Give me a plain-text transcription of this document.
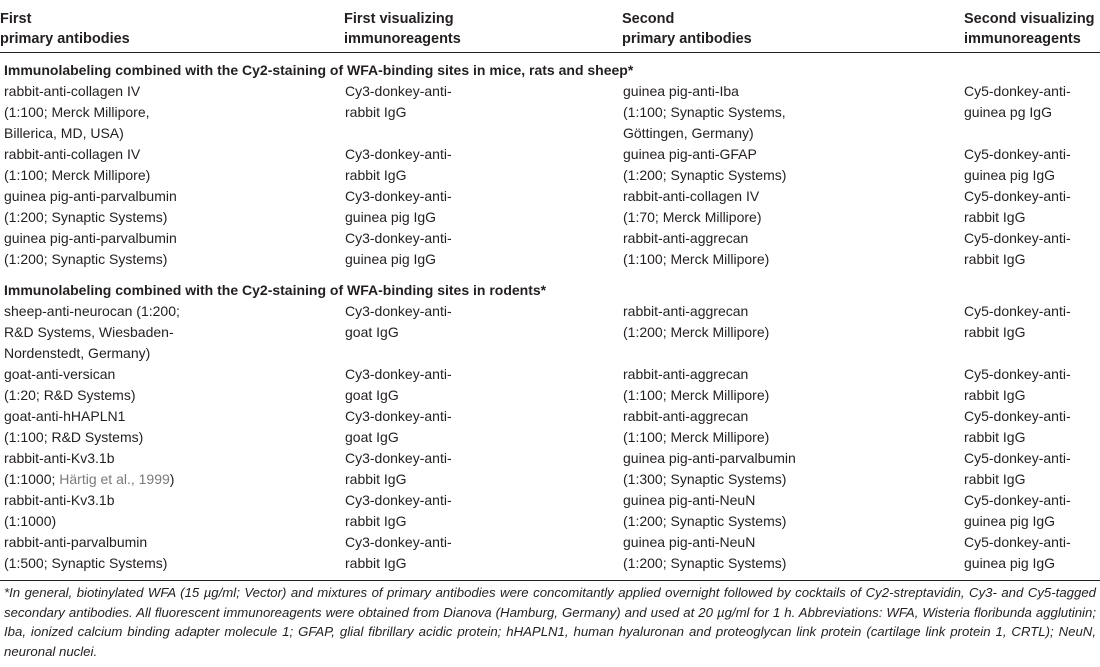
First
primary antibodies
First visualizing
immunoreagents
Second
primary antibodies
Second visualizing
immunoreagents
Immunolabeling combined with the Cy2-staining of WFA-binding sites in mice, rats and sheep*
rabbit-anti-collagen IV
(1:100; Merck Millipore,
Billerica, MD, USA)
Cy3-donkey-anti-
rabbit IgG
guinea pig-anti-Iba
(1:100; Synaptic Systems,
Göttingen, Germany)
Cy5-donkey-anti-
guinea pg IgG
rabbit-anti-collagen IV
(1:100; Merck Millipore)
Cy3-donkey-anti-
rabbit IgG
guinea pig-anti-GFAP
(1:200; Synaptic Systems)
Cy5-donkey-anti-
guinea pig IgG
guinea pig-anti-parvalbumin
(1:200; Synaptic Systems)
Cy3-donkey-anti-
guinea pig IgG
rabbit-anti-collagen IV
(1:70; Merck Millipore)
Cy5-donkey-anti-
rabbit IgG
guinea pig-anti-parvalbumin
(1:200; Synaptic Systems)
Cy3-donkey-anti-
guinea pig IgG
rabbit-anti-aggrecan
(1:100; Merck Millipore)
Cy5-donkey-anti-
rabbit IgG
Immunolabeling combined with the Cy2-staining of WFA-binding sites in rodents*
sheep-anti-neurocan (1:200;
R&D Systems, Wiesbaden-
Nordenstedt, Germany)
Cy3-donkey-anti-
goat IgG
rabbit-anti-aggrecan
(1:200; Merck Millipore)
Cy5-donkey-anti-
rabbit IgG
goat-anti-versican
(1:20; R&D Systems)
Cy3-donkey-anti-
goat IgG
rabbit-anti-aggrecan
(1:100; Merck Millipore)
Cy5-donkey-anti-
rabbit IgG
goat-anti-hHAPLN1
(1:100; R&D Systems)
Cy3-donkey-anti-
goat IgG
rabbit-anti-aggrecan
(1:100; Merck Millipore)
Cy5-donkey-anti-
rabbit IgG
rabbit-anti-Kv3.1b
(1:1000; Härtig et al., 1999)
Cy3-donkey-anti-
rabbit IgG
guinea pig-anti-parvalbumin
(1:300; Synaptic Systems)
Cy5-donkey-anti-
rabbit IgG
rabbit-anti-Kv3.1b
(1:1000)
Cy3-donkey-anti-
rabbit IgG
guinea pig-anti-NeuN
(1:200; Synaptic Systems)
Cy5-donkey-anti-
guinea pig IgG
rabbit-anti-parvalbumin
(1:500; Synaptic Systems)
Cy3-donkey-anti-
rabbit IgG
guinea pig-anti-NeuN
(1:200; Synaptic Systems)
Cy5-donkey-anti-
guinea pig IgG
*In general, biotinylated WFA (15 µg/ml; Vector) and mixtures of primary antibodies were concomitantly applied overnight followed by cocktails of Cy2-streptavidin, Cy3- and Cy5-tagged secondary antibodies. All fluorescent immunoreagents were obtained from Dianova (Hamburg, Germany) and used at 20 µg/ml for 1 h. Abbreviations: WFA, Wisteria floribunda agglutinin; Iba, ionized calcium binding adapter molecule 1; GFAP, glial fibrillary acidic protein; hHAPLN1, human hyaluronan and proteoglycan link protein (cartilage link protein 1, CRTL); NeuN, neuronal nuclei.
